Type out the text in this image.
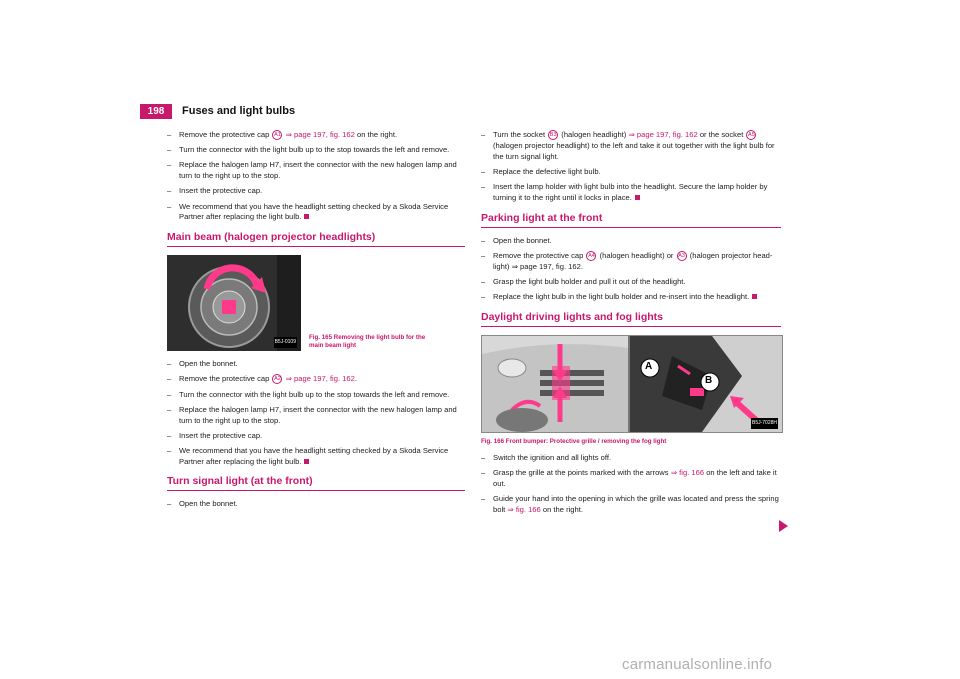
198	Fuses and light bulbs
– Remove the protective cap A1 ⇒ page 197, fig. 162 on the right.
– Turn the connector with the light bulb up to the stop towards the left and remove.
– Replace the halogen lamp H7, insert the connector with the new halogen lamp and turn to the right up to the stop.
– Insert the protective cap.
– We recommend that you have the headlight setting checked by a Skoda Service Partner after replacing the light bulb.
Main beam (halogen projector headlights)
B5J-0109
Fig. 165 Removing the light bulb for the main beam light
– Open the bonnet.
– Remove the protective cap A2 ⇒ page 197, fig. 162.
– Turn the connector with the light bulb up to the stop towards the left and remove.
– Replace the halogen lamp H7, insert the connector with the new halogen lamp and turn to the right up to the stop.
– Insert the protective cap.
– We recommend that you have the headlight setting checked by a Skoda Service Partner after replacing the light bulb.
Turn signal light (at the front)
– Open the bonnet.
– Turn the socket B3 (halogen headlight) ⇒ page 197, fig. 162 or the socket A5 (halogen projector headlight) to the left and take it out together with the light bulb for the turn signal light.
– Replace the defective light bulb.
– Insert the lamp holder with light bulb into the headlight. Secure the lamp holder by turning it to the right until it locks in place.
Parking light at the front
– Open the bonnet.
– Remove the protective cap A4 (halogen headlight) or A3 (halogen projector head-light) ⇒ page 197, fig. 162.
– Grasp the light bulb holder and pull it out of the headlight.
– Replace the light bulb in the light bulb holder and re-insert into the headlight.
Daylight driving lights and fog lights
A
B
B5J-7028H
Fig. 166 Front bumper: Protective grille / removing the fog light
– Switch the ignition and all lights off.
– Grasp the grille at the points marked with the arrows ⇒ fig. 166 on the left and take it out.
– Guide your hand into the opening in which the grille was located and press the spring bolt ⇒ fig. 166 on the right.
carmanualsonline.info
